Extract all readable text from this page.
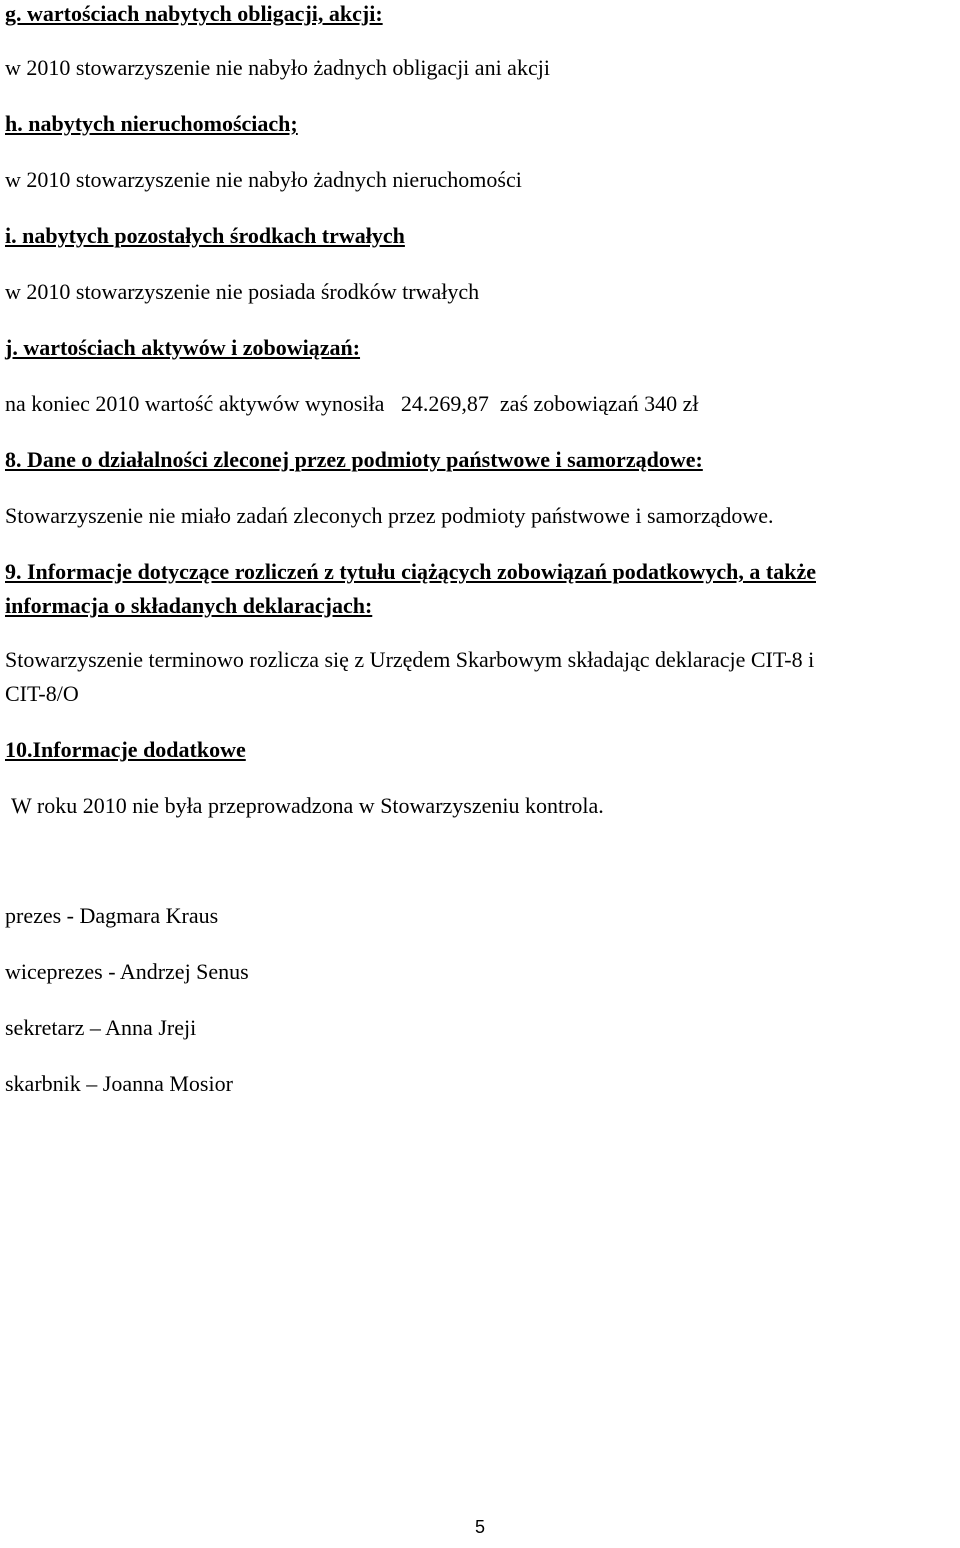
g. wartościach nabytych obligacji, akcji:
w 2010 stowarzyszenie nie nabyło żadnych obligacji ani akcji
h. nabytych nieruchomościach;
w 2010 stowarzyszenie nie nabyło żadnych nieruchomości
i. nabytych pozostałych środkach trwałych
w 2010 stowarzyszenie nie posiada środków trwałych
j. wartościach aktywów i zobowiązań:
na koniec 2010 wartość aktywów wynosiła   24.269,87  zaś zobowiązań 340 zł
8. Dane o działalności zleconej przez podmioty państwowe i samorządowe:
Stowarzyszenie nie miało zadań zleconych przez podmioty państwowe i samorządowe.
9. Informacje dotyczące rozliczeń z tytułu ciążących zobowiązań podatkowych, a także
informacja o składanych deklaracjach:
Stowarzyszenie terminowo rozlicza się z Urzędem Skarbowym składając deklaracje CIT-8 i
CIT-8/O
10.Informacje dodatkowe
W roku 2010 nie była przeprowadzona w Stowarzyszeniu kontrola.
prezes - Dagmara Kraus
wiceprezes - Andrzej Senus
sekretarz – Anna Jreji
skarbnik – Joanna Mosior
5
